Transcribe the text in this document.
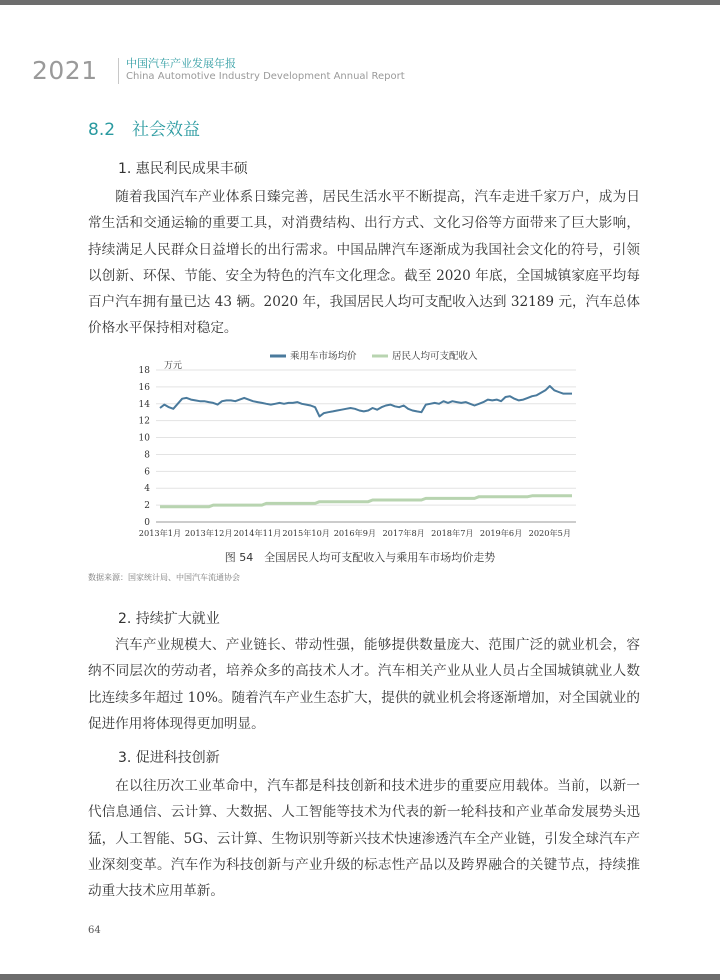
2021	中国汽车产业发展年报
China Automotive Industry Development Annual Report
8.2　社会效益
1. 惠民利民成果丰硕
随着我国汽车产业体系日臻完善，居民生活水平不断提高，汽车走进千家万户，成为日常生活和交通运输的重要工具，对消费结构、出行方式、文化习俗等方面带来了巨大影响，持续满足人民群众日益增长的出行需求。中国品牌汽车逐渐成为我国社会文化的符号，引领以创新、环保、节能、安全为特色的汽车文化理念。截至 2020 年底，全国城镇家庭平均每百户汽车拥有量已达 43 辆。2020 年，我国居民人均可支配收入达到 32189 元，汽车总体价格水平保持相对稳定。
0
2
4
6
8
10
12
14
16
18
2013年1月 2013年12月 2014年11月 2015年10月 2016年9月 2017年8月 2018年7月 2019年6月 2020年5月
乘用车市场均价	居民人均可支配收入
万元
图 54　全国居民人均可支配收入与乘用车市场均价走势
数据来源：国家统计局、中国汽车流通协会
2. 持续扩大就业
汽车产业规模大、产业链长、带动性强，能够提供数量庞大、范围广泛的就业机会，容纳不同层次的劳动者，培养众多的高技术人才。汽车相关产业从业人员占全国城镇就业人数比连续多年超过 10%。随着汽车产业生态扩大，提供的就业机会将逐渐增加，对全国就业的促进作用将体现得更加明显。
3. 促进科技创新
在以往历次工业革命中，汽车都是科技创新和技术进步的重要应用载体。当前，以新一代信息通信、云计算、大数据、人工智能等技术为代表的新一轮科技和产业革命发展势头迅猛，人工智能、5G、云计算、生物识别等新兴技术快速渗透汽车全产业链，引发全球汽车产业深刻变革。汽车作为科技创新与产业升级的标志性产品以及跨界融合的关键节点，持续推动重大技术应用革新。
64
